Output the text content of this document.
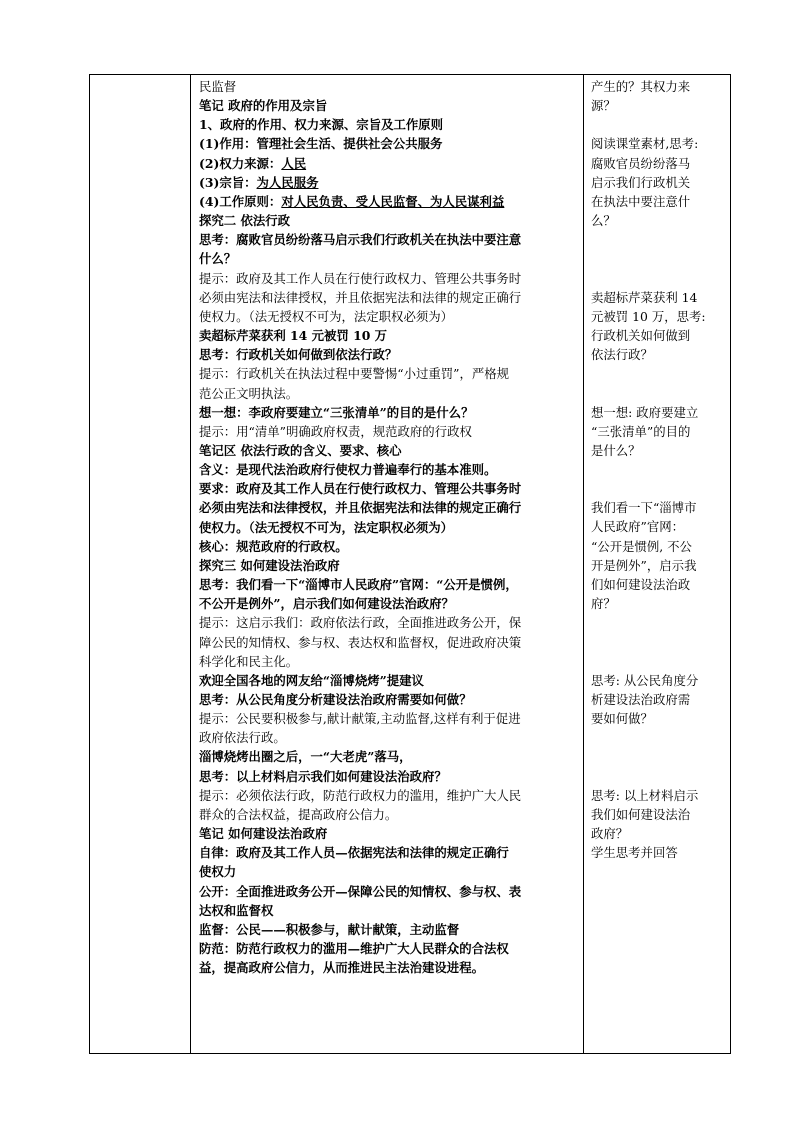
民监督
笔记 政府的作用及宗旨
1、政府的作用、权力来源、宗旨及工作原则
(1)作用：管理社会生活、提供社会公共服务
(2)权力来源：人民
(3)宗旨：为人民服务
(4)工作原则：对人民负责、受人民监督、为人民谋利益
探究二 依法行政
思考：腐败官员纷纷落马启示我们行政机关在执法中要注意
什么？
提示：政府及其工作人员在行使行政权力、管理公共事务时
必须由宪法和法律授权，并且依据宪法和法律的规定正确行
使权力。（法无授权不可为，法定职权必须为）
卖超标芹菜获利 14 元被罚 10 万
思考：行政机关如何做到依法行政？
提示：行政机关在执法过程中要警惕“小过重罚”，严格规
范公正文明执法。
想一想：李政府要建立“三张清单”的目的是什么？
提示：用“清单”明确政府权责，规范政府的行政权
笔记区 依法行政的含义、要求、核心
含义：是现代法治政府行使权力普遍奉行的基本准则。
要求：政府及其工作人员在行使行政权力、管理公共事务时
必须由宪法和法律授权，并且依据宪法和法律的规定正确行
使权力。（法无授权不可为，法定职权必须为）
核心：规范政府的行政权。
探究三 如何建设法治政府
思考：我们看一下“淄博市人民政府”官网：“公开是惯例，
不公开是例外”，启示我们如何建设法治政府？
提示：这启示我们：政府依法行政，全面推进政务公开，保
障公民的知情权、参与权、表达权和监督权，促进政府决策
科学化和民主化。
欢迎全国各地的网友给“淄博烧烤”提建议
思考：从公民角度分析建设法治政府需要如何做？
提示：公民要积极参与,献计献策,主动监督,这样有利于促进
政府依法行政。
淄博烧烤出圈之后，一“大老虎”落马，
思考：以上材料启示我们如何建设法治政府？
提示：必须依法行政，防范行政权力的滥用，维护广大人民
群众的合法权益，提高政府公信力。
笔记 如何建设法治政府
自律：政府及其工作人员—依据宪法和法律的规定正确行
使权力
公开：全面推进政务公开—保障公民的知情权、参与权、表
达权和监督权
监督：公民——积极参与，献计献策，主动监督
防范：防范行政权力的滥用—维护广大人民群众的合法权
益，提高政府公信力，从而推进民主法治建设进程。

产生的？其权力来
源？
阅读课堂素材,思考:
腐败官员纷纷落马
启示我们行政机关
在执法中要注意什
么？
卖超标芹菜获利 14
元被罚 10 万，思考:
行政机关如何做到
依法行政？
想一想: 政府要建立
“三张清单”的目的
是什么？
我们看一下“淄博市
人民政府”官网：
“公开是惯例, 不公
开是例外”，启示我
们如何建设法治政
府？
思考: 从公民角度分
析建设法治政府需
要如何做？
思考: 以上材料启示
我们如何建设法治
政府？
学生思考并回答
